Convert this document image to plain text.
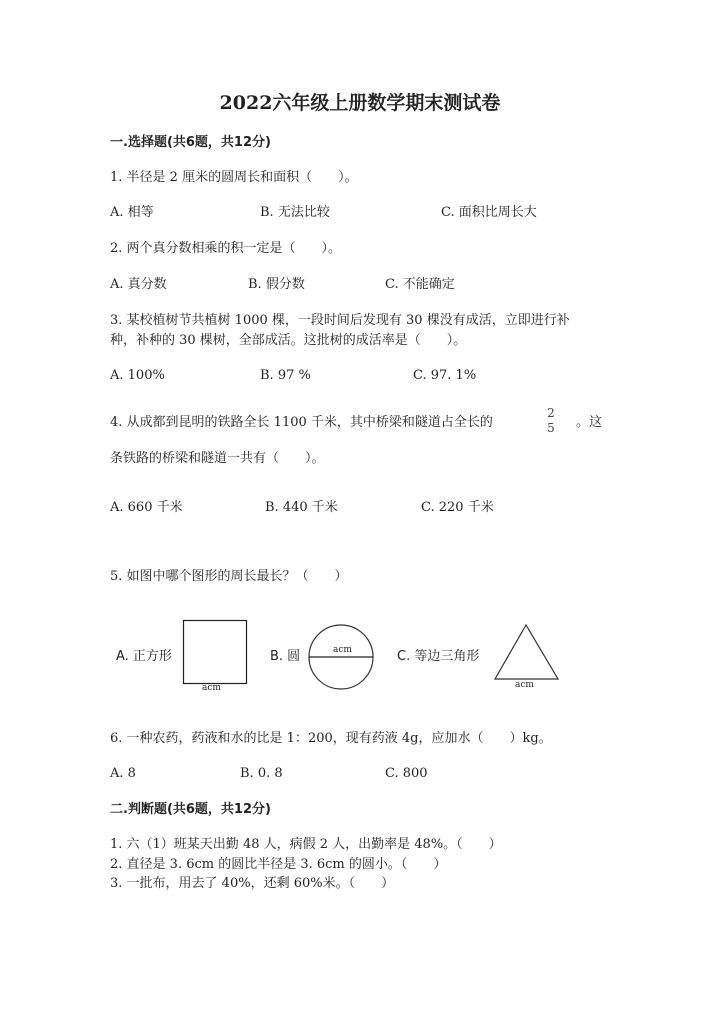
2022六年级上册数学期末测试卷
一.选择题(共6题，共12分)
1. 半径是 2 厘米的圆周长和面积（　　）。
A. 相等	B. 无法比较	C. 面积比周长大
2. 两个真分数相乘的积一定是（　　）。
A. 真分数	B. 假分数	C. 不能确定
3. 某校植树节共植树 1000 棵，一段时间后发现有 30 棵没有成活，立即进行补
种，补种的 30 棵树，全部成活。这批树的成活率是（　　）。
A. 100%	B. 97 %	C. 97. 1%
4. 从成都到昆明的铁路全长 1100 千米，其中桥梁和隧道占全长的
2
5 。这
条铁路的桥梁和隧道一共有（　　）。
A. 660 千米	B. 440 千米	C. 220 千米
5. 如图中哪个图形的周长最长？（　　）
A. 正方形
acm
B. 圆	acm	C. 等边三角形
acm
6. 一种农药，药液和水的比是 1：200，现有药液 4g，应加水（　　）kg。
A. 8	B. 0. 8	C. 800
二.判断题(共6题，共12分)
1. 六（1）班某天出勤 48 人，病假 2 人，出勤率是 48%。（　　）
2. 直径是 3. 6cm 的圆比半径是 3. 6cm 的圆小。（　　）
3. 一批布，用去了 40%，还剩 60%米。（　　）
